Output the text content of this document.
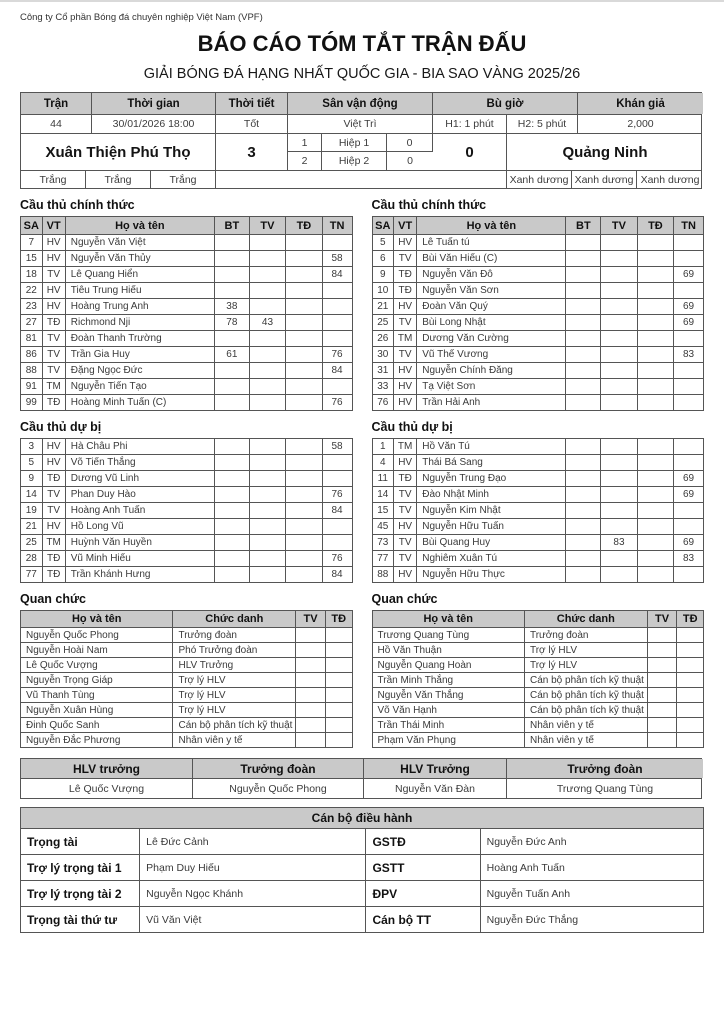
Công ty Cổ phần Bóng đá chuyên nghiệp Việt Nam (VPF)
BÁO CÁO TÓM TẮT TRẬN ĐẤU
GIẢI BÓNG ĐÁ HẠNG NHẤT QUỐC GIA - BIA SAO VÀNG 2025/26
Trận	Thời gian	Thời tiết	Sân vận động	Bù giờ	Khán giả
44	30/01/2026 18:00	Tốt	Việt Trì	H1: 1 phút	H2: 5 phút	2,000
Xuân Thiện Phú Thọ	3
1	Hiệp 1	0
0	Quảng Ninh
2	Hiệp 2	0
Trắng	Trắng	Trắng	Xanh dương Xanh dương Xanh dương
Cầu thủ chính thức
SA	VT	Họ và tên	BT	TV	TĐ	TN
7	HV	Nguyễn Văn Việt				
15	HV	Nguyễn Văn Thủy				58
18	TV	Lê Quang Hiển				84
22	HV	Tiêu Trung Hiếu				
23	HV	Hoàng Trung Anh	38			
27	TĐ	Richmond Nji	78	43		
81	TV	Đoàn Thanh Trường				
86	TV	Trần Gia Huy	61			76
88	TV	Đặng Ngọc Đức				84
91	TM	Nguyễn Tiến Tạo				
99	TĐ	Hoàng Minh Tuấn (C)				76
Cầu thủ chính thức
SA	VT	Họ và tên	BT	TV	TĐ	TN
5	HV	Lê Tuấn tú				
6	TV	Bùi Văn Hiếu (C)				
9	TĐ	Nguyễn Văn Đô				69
10	TĐ	Nguyễn Văn Sơn				
21	HV	Đoàn Văn Quý				69
25	TV	Bùi Long Nhật				69
26	TM	Dương Văn Cường				
30	TV	Vũ Thế Vương				83
31	HV	Nguyễn Chính Đăng				
33	HV	Tạ Việt Sơn				
76	HV	Trần Hải Anh				
Cầu thủ dự bị
3	HV	Hà Châu Phi				58
5	HV	Võ Tiến Thắng				
9	TĐ	Dương Vũ Linh				
14	TV	Phan Duy Hào				76
19	TV	Hoàng Anh Tuấn				84
21	HV	Hồ Long Vũ				
25	TM	Huỳnh Văn Huyền				
28	TĐ	Vũ Minh Hiếu				76
77	TĐ	Trần Khánh Hưng				84
Cầu thủ dự bị
1	TM	Hồ Văn Tú				
4	HV	Thái Bá Sang				
11	TĐ	Nguyễn Trung Đạo				69
14	TV	Đào Nhật Minh				69
15	TV	Nguyễn Kim Nhật				
45	HV	Nguyễn Hữu Tuấn				
73	TV	Bùi Quang Huy		83		69
77	TV	Nghiêm Xuân Tú				83
88	HV	Nguyễn Hữu Thực				
Quan chức
Họ và tên	Chức danh	TV	TĐ
Nguyễn Quốc Phong	Trưởng đoàn		
Nguyễn Hoài Nam	Phó Trưởng đoàn		
Lê Quốc Vượng	HLV Trưởng		
Nguyễn Trọng Giáp	Trợ lý HLV		
Vũ Thanh Tùng	Trợ lý HLV		
Nguyễn Xuân Hùng	Trợ lý HLV		
Đinh Quốc Sanh	Cán bộ phân tích kỹ thuật		
Nguyễn Đắc Phương	Nhân viên y tế		
Quan chức
Họ và tên	Chức danh	TV	TĐ
Trương Quang Tùng	Trưởng đoàn		
Hồ Văn Thuận	Trợ lý HLV		
Nguyễn Quang Hoàn	Trợ lý HLV		
Trần Minh Thắng	Cán bộ phân tích kỹ thuật		
Nguyễn Văn Thắng	Cán bộ phân tích kỹ thuật		
Võ Văn Hạnh	Cán bộ phân tích kỹ thuật		
Trần Thái Minh	Nhân viên y tế		
Phạm Văn Phụng	Nhân viên y tế		
HLV trưởng	Trưởng đoàn	HLV Trưởng	Trưởng đoàn
Lê Quốc Vượng	Nguyễn Quốc Phong	Nguyễn Văn Đàn	Trương Quang Tùng
Cán bộ điều hành			
Trọng tài	Lê Đức Cảnh	GSTĐ	Nguyễn Đức Anh
Trợ lý trọng tài 1	Phạm Duy Hiếu	GSTT	Hoàng Anh Tuấn
Trợ lý trọng tài 2	Nguyễn Ngọc Khánh	ĐPV	Nguyễn Tuấn Anh
Trọng tài thứ tư	Vũ Văn Việt	Cán bộ TT	Nguyễn Đức Thắng
